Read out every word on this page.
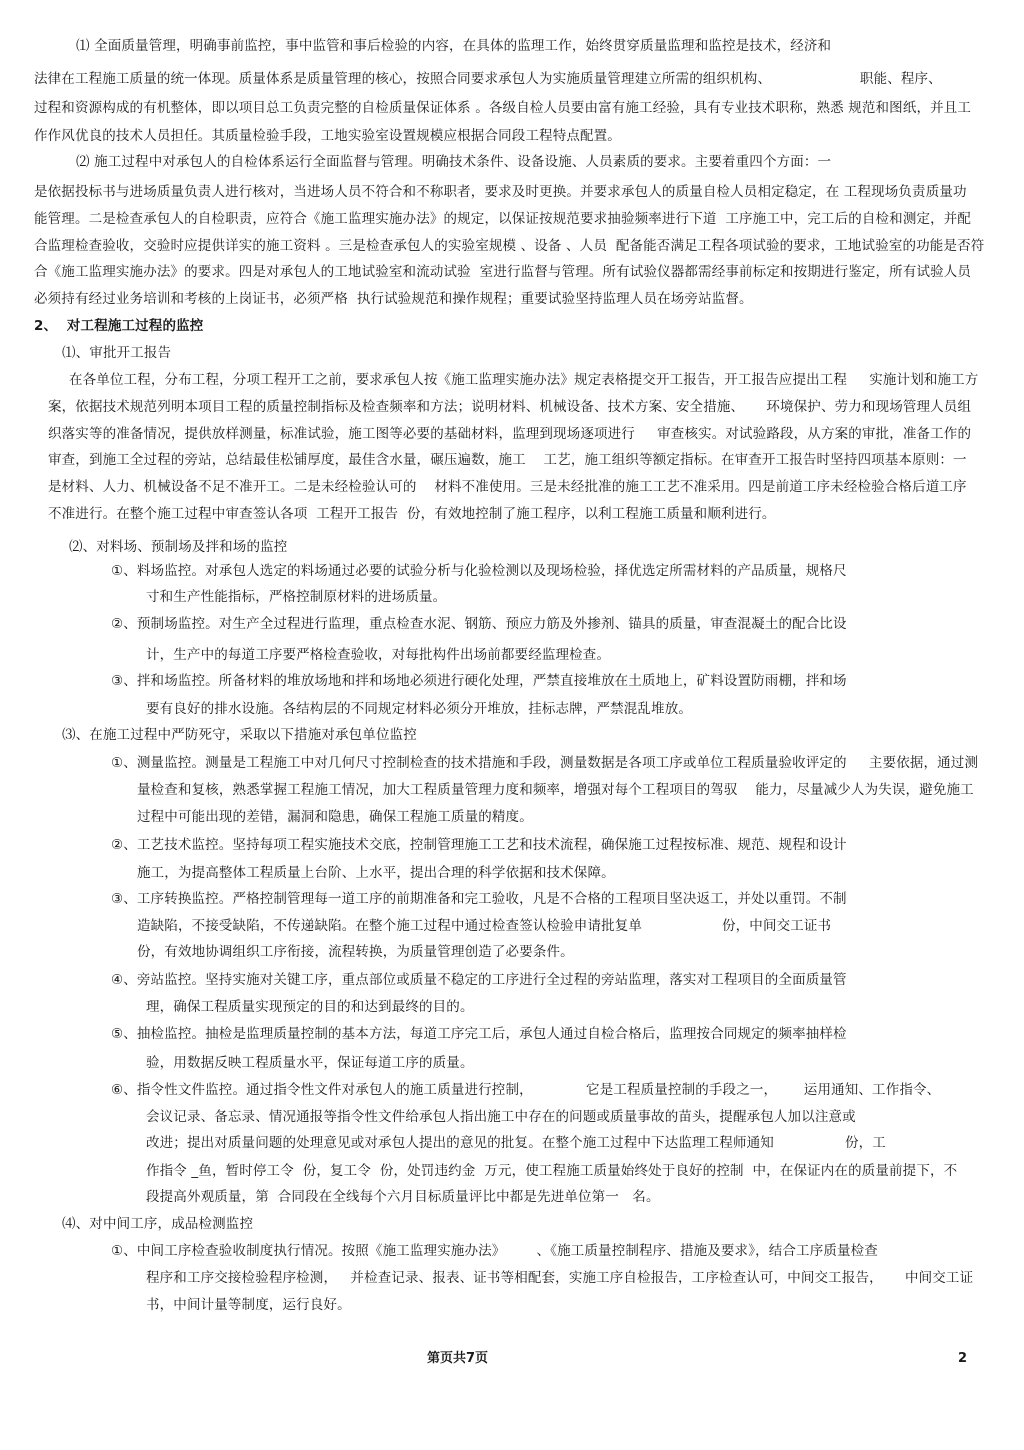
⑴ 全面质量管理，明确事前监控，事中监管和事后检验的内容，在具体的监理工作，始终贯穿质量监理和监控是技术，经济和
法律在工程施工质量的统一体现。质量体系是质量管理的核心，按照合同要求承包人为实施质量管理建立所需的组织机构、                    职能、程序、
过程和资源构成的有机整体，即以项目总工负责完整的自检质量保证体系 。各级自检人员要由富有施工经验，具有专业技术职称，熟悉 规范和图纸，并且工
作作风优良的技术人员担任。其质量检验手段，工地实验室设置规模应根据合同段工程特点配置。
⑵ 施工过程中对承包人的自检体系运行全面监督与管理。明确技术条件、设备设施、人员素质的要求。主要着重四个方面：一
是依据投标书与进场质量负责人进行核对，当进场人员不符合和不称职者，要求及时更换。并要求承包人的质量自检人员相定稳定，在 工程现场负责质量功
能管理。二是检查承包人的自检职责，应符合《施工监理实施办法》的规定，以保证按规范要求抽验频率进行下道  工序施工中，完工后的自检和测定，并配
合监理检查验收，交验时应提供详实的施工资料 。三是检查承包人的实验室规模 、设备 、人员  配备能否满足工程各项试验的要求，工地试验室的功能是否符
合《施工监理实施办法》的要求。四是对承包人的工地试验室和流动试验  室进行监督与管理。所有试验仪器都需经事前标定和按期进行鉴定，所有试验人员
必须持有经过业务培训和考核的上岗证书，必须严格  执行试验规范和操作规程；重要试验坚持监理人员在场旁站监督。
2、  对工程施工过程的监控
⑴、审批开工报告
在各单位工程，分布工程，分项工程开工之前，要求承包人按《施工监理实施办法》规定表格提交开工报告，开工报告应提出工程     实施计划和施工方
案，依据技术规范列明本项目工程的质量控制指标及检查频率和方法；说明材料、机械设备、技术方案、安全措施、     环境保护、劳力和现场管理人员组
织落实等的准备情况，提供放样测量，标准试验，施工图等必要的基础材料，监理到现场逐项进行     审查核实。对试验路段，从方案的审批，准备工作的
审查，到施工全过程的旁站，总结最佳松铺厚度，最佳含水量，碾压遍数，施工    工艺，施工组织等额定指标。在审查开工报告时坚持四项基本原则：一
是材料、人力、机械设备不足不准开工。二是未经检验认可的    材料不准使用。三是未经批准的施工工艺不准采用。四是前道工序未经检验合格后道工序
不准进行。在整个施工过程中审查签认各项  工程开工报告  份，有效地控制了施工程序，以利工程施工质量和顺利进行。
⑵、对料场、预制场及拌和场的监控
①、料场监控。对承包人选定的料场通过必要的试验分析与化验检测以及现场检验，择优选定所需材料的产品质量，规格尺
寸和生产性能指标，严格控制原材料的进场质量。
②、预制场监控。对生产全过程进行监理，重点检查水泥、钢筋、预应力筋及外掺剂、锚具的质量，审查混凝土的配合比设
计，生产中的每道工序要严格检查验收，对每批构件出场前都要经监理检查。
③、拌和场监控。所备材料的堆放场地和拌和场地必须进行硬化处理，严禁直接堆放在土质地上，矿料设置防雨棚，拌和场
要有良好的排水设施。各结构层的不同规定材料必须分开堆放，挂标志牌，严禁混乱堆放。
⑶、在施工过程中严防死守，采取以下措施对承包单位监控
①、测量监控。测量是工程施工中对几何尺寸控制检查的技术措施和手段，测量数据是各项工序或单位工程质量验收评定的     主要依据，通过测
量检查和复核，熟悉掌握工程施工情况，加大工程质量管理力度和频率，增强对每个工程项目的驾驭    能力，尽量减少人为失误，避免施工
过程中可能出现的差错，漏洞和隐患，确保工程施工质量的精度。
②、工艺技术监控。坚持每项工程实施技术交底，控制管理施工工艺和技术流程，确保施工过程按标准、规范、规程和设计
施工，为提高整体工程质量上台阶、上水平，提出合理的科学依据和技术保障。
③、工序转换监控。严格控制管理每一道工序的前期准备和完工验收，凡是不合格的工程项目坚决返工，并处以重罚。不制
造缺陷，不接受缺陷，不传递缺陷。在整个施工过程中通过检查签认检验申请批复单                  份，中间交工证书
份，有效地协调组织工序衔接，流程转换，为质量管理创造了必要条件。
④、旁站监控。坚持实施对关键工序，重点部位或质量不稳定的工序进行全过程的旁站监理，落实对工程项目的全面质量管
理，确保工程质量实现预定的目的和达到最终的目的。
⑤、抽检监控。抽检是监理质量控制的基本方法，每道工序完工后，承包人通过自检合格后，监理按合同规定的频率抽样检
验，用数据反映工程质量水平，保证每道工序的质量。
⑥、指令性文件监控。通过指令性文件对承包人的施工质量进行控制，            它是工程质量控制的手段之一，      运用通知、工作指令、
会议记录、备忘录、情况通报等指令性文件给承包人指出施工中存在的问题或质量事故的苗头，提醒承包人加以注意或
改进；提出对质量问题的处理意见或对承包人提出的意见的批复。在整个施工过程中下达监理工程师通知                份，工
作指令 _鱼，暂时停工令  份，复工令  份，处罚违约金  万元，使工程施工质量始终处于良好的控制  中，在保证内在的质量前提下，不
段提高外观质量，第  合同段在全线每个六月目标质量评比中都是先进单位第一   名。
⑷、对中间工序，成品检测监控
①、中间工序检查验收制度执行情况。按照《施工监理实施办法》       、《施工质量控制程序、措施及要求》，结合工序质量检查
程序和工序交接检验程序检测，   并检查记录、报表、证书等相配套，实施工序自检报告，工序检查认可，中间交工报告，     中间交工证
书，中间计量等制度，运行良好。
第页共7页	2
